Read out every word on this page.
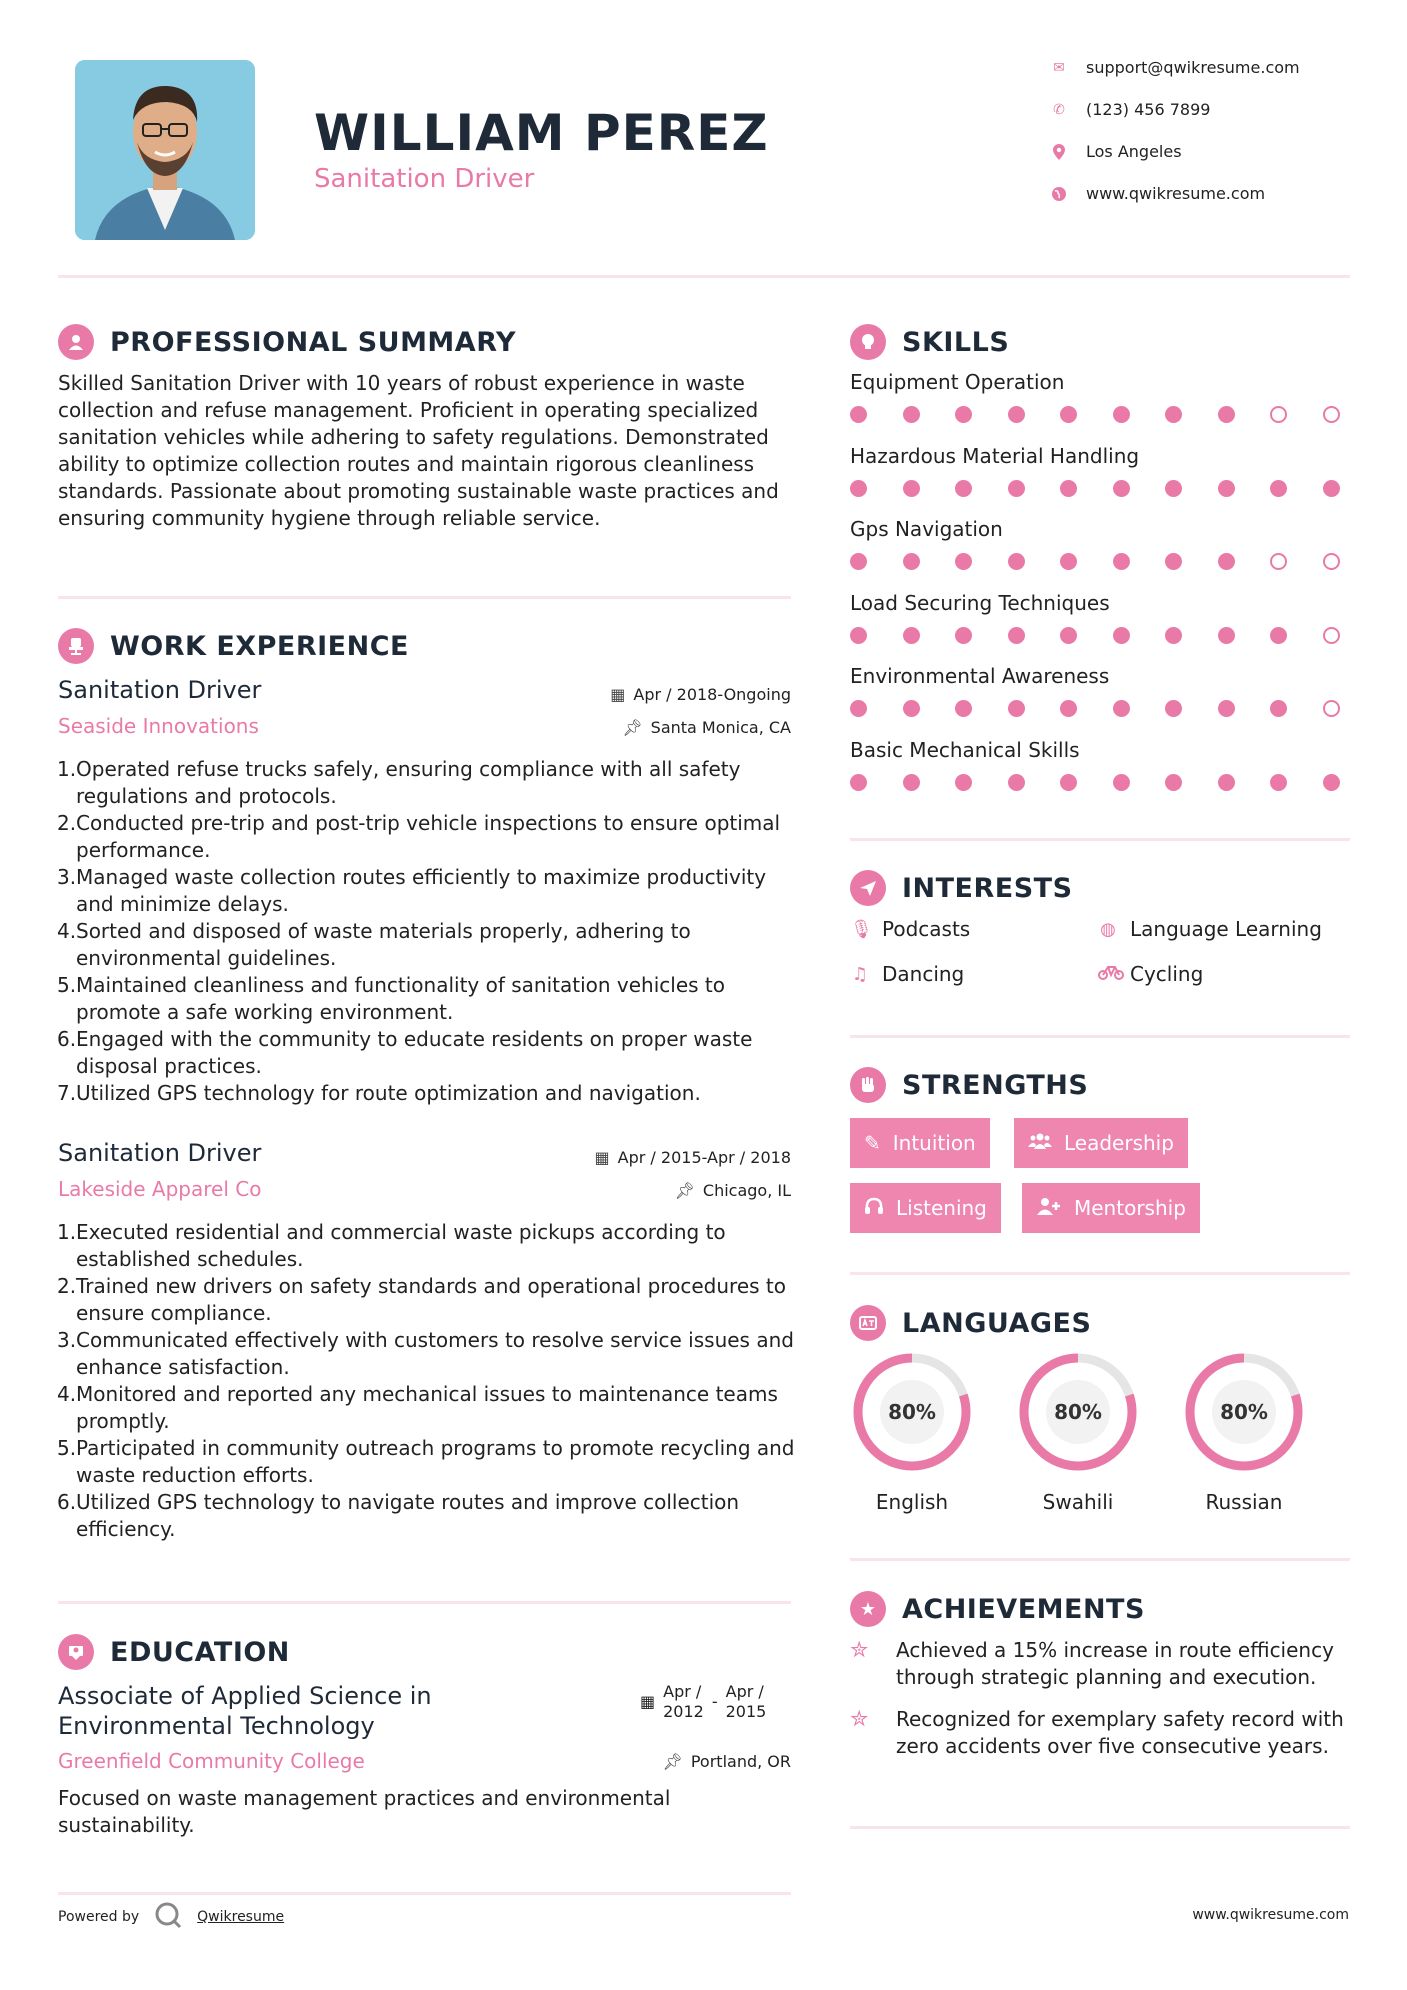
WILLIAM PEREZ
Sanitation Driver
✉ support@qwikresume.com
✆ (123) 456 7899
Los Angeles
www.qwikresume.com
PROFESSIONAL SUMMARY
Skilled Sanitation Driver with 10 years of robust experience in waste collection and refuse management. Proficient in operating specialized sanitation vehicles while adhering to safety regulations. Demonstrated ability to optimize collection routes and maintain rigorous cleanliness standards. Passionate about promoting sustainable waste practices and ensuring community hygiene through reliable service.
WORK EXPERIENCE
Sanitation Driver	▦ Apr / 2018-Ongoing
Seaside Innovations	📌︎ Santa Monica, CA
1. Operated refuse trucks safely, ensuring compliance with all safety regulations and protocols.
2. Conducted pre-trip and post-trip vehicle inspections to ensure optimal performance.
3. Managed waste collection routes efficiently to maximize productivity and minimize delays.
4. Sorted and disposed of waste materials properly, adhering to environmental guidelines.
5. Maintained cleanliness and functionality of sanitation vehicles to promote a safe working environment.
6. Engaged with the community to educate residents on proper waste disposal practices.
7. Utilized GPS technology for route optimization and navigation.
Sanitation Driver	▦ Apr / 2015-Apr / 2018
Lakeside Apparel Co	📌︎ Chicago, IL
1. Executed residential and commercial waste pickups according to established schedules.
2. Trained new drivers on safety standards and operational procedures to ensure compliance.
3. Communicated effectively with customers to resolve service issues and enhance satisfaction.
4. Monitored and reported any mechanical issues to maintenance teams promptly.
5. Participated in community outreach programs to promote recycling and waste reduction efforts.
6. Utilized GPS technology to navigate routes and improve collection efficiency.
EDUCATION
Associate of Applied Science in
Environmental Technology
▦
Apr /
2012
-
Apr /
2015
Greenfield Community College	📌︎ Portland, OR
Focused on waste management practices and environmental sustainability.
SKILLS
Equipment Operation
Hazardous Material Handling
Gps Navigation
Load Securing Techniques
Environmental Awareness
Basic Mechanical Skills
INTERESTS
🎙︎ Podcasts	◍ Language Learning
♫ Dancing	Cycling
STRENGTHS
✎ Intuition	Leadership
Listening	Mentorship
LANGUAGES
80%
English
80%
Swahili
80%
Russian
★ ACHIEVEMENTS
✮	Achieved a 15% increase in route efficiency through strategic planning and execution.
✮	Recognized for exemplary safety record with zero accidents over five consecutive years.
Powered by	Qwikresume	www.qwikresume.com
